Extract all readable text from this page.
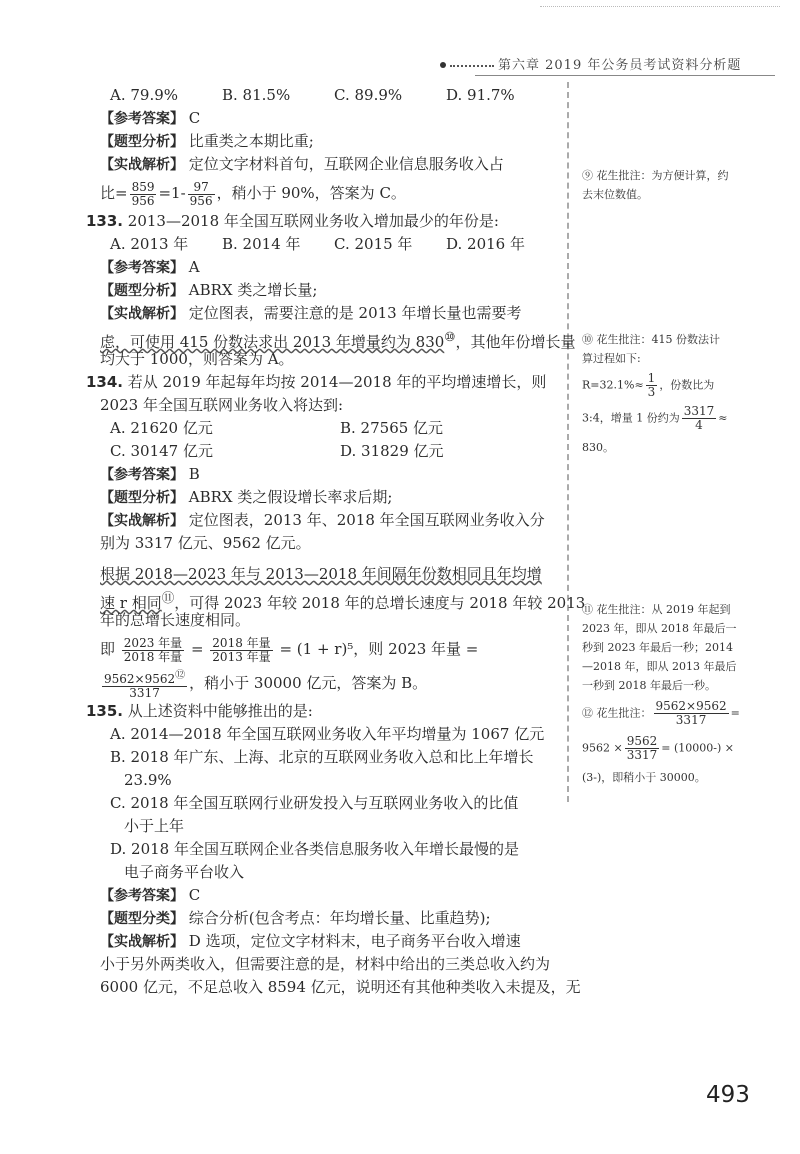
第六章 2019 年公务员考试资料分析题
A. 79.9%	B. 81.5%	C. 89.9%	D. 91.7%
【参考答案】 C
【题型分析】 比重类之本期比重;
【实战解析】 定位文字材料首句，互联网企业信息服务收入占
比= $\frac{859}{956} =1- \frac{97}{956}$ ，稍小于 90%，答案为 C。
133. 2013—2018 年全国互联网业务收入增加最少的年份是:
A. 2013 年 B. 2014 年 C. 2015 年 D. 2016 年
【参考答案】 A
【题型分析】 ABRX 类之增长量;
【实战解析】 定位图表，需要注意的是 2013 年增长量也需要考
虑，可使用 415 份数法求出 2013 年增量约为 830⑩，其他年份增长量
均大于 1000，则答案为 A。
134. 若从 2019 年起每年均按 2014—2018 年的平均增速增长，则
2023 年全国互联网业务收入将达到:
A. 21620 亿元	B. 27565 亿元
C. 30147 亿元	D. 31829 亿元
【参考答案】 B
【题型分析】 ABRX 类之假设增长率求后期;
【实战解析】 定位图表，2013 年、2018 年全国互联网业务收入分
别为 3317 亿元、9562 亿元。
根据 2018—2023 年与 2013—2018 年间隔年份数相同且年均增
速 r 相同⑪，可得 2023 年较 2018 年的总增长速度与 2018 年较 2013
年的总增长速度相同。
即 $\frac{\text{2023 年量}}{\text{2018 年量}} = \frac{\text{2018 年量}}{\text{2013 年量}} = (1 + r)^5$，则 2023 年量 =
$\frac{9562\times 9562^⑫}{3317}$ ，稍小于 30000 亿元，答案为 B。
135. 从上述资料中能够推出的是:
A. 2014—2018 年全国互联网业务收入年平均增量为 1067 亿元
B. 2018 年广东、上海、北京的互联网业务收入总和比上年增长
23.9%
C. 2018 年全国互联网行业研发投入与互联网业务收入的比值
小于上年
D. 2018 年全国互联网企业各类信息服务收入年增长最慢的是
电子商务平台收入
【参考答案】 C
【题型分类】 综合分析(包含考点：年均增长量、比重趋势);
【实战解析】 D 选项，定位文字材料末，电子商务平台收入增速
小于另外两类收入，但需要注意的是，材料中给出的三类总收入约为
6000 亿元，不足总收入 8594 亿元，说明还有其他种类收入未提及，无
⑨ 花生批注：为方便计算，约
去末位数值。
⑩ 花生批注：415 份数法计
算过程如下:
$R=32.1\%\approx \frac{1}{3}$ ，份数比为
3:4，增量 1 份约为 $\frac{3317}{4}$ ≈
830。
⑪ 花生批注：从 2019 年起到
2023 年，即从 2018 年最后一
秒到 2023 年最后一秒；2014
—2018 年，即从 2013 年最后
一秒到 2018 年最后一秒。
⑫ 花生批注： $\frac{9562\times 9562}{3317}$ =
$9562 \times \frac{9562}{3317} = (10000-)$ ×
(3-)，即稍小于 30000。
493
